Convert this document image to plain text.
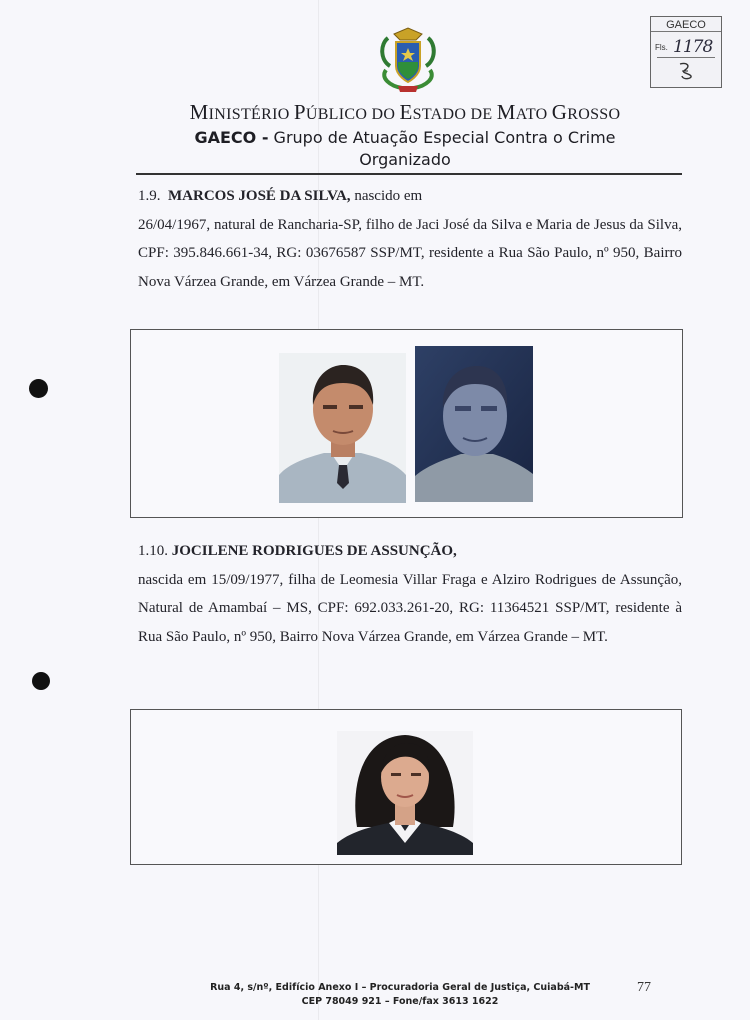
GAECO
Fls. 1178
MINISTÉRIO PÚBLICO DO ESTADO DE MATO GROSSO
GAECO - Grupo de Atuação Especial Contra o Crime
Organizado
1.9. MARCOS JOSÉ DA SILVA, nascido em
26/04/1967, natural de Rancharia-SP, filho de Jaci José da Silva e Maria de Jesus da Silva, CPF: 395.846.661-34, RG: 03676587 SSP/MT, residente a Rua São Paulo, nº 950, Bairro Nova Várzea Grande, em Várzea Grande – MT.
1.10. JOCILENE RODRIGUES DE ASSUNÇÃO,
nascida em 15/09/1977, filha de Leomesia Villar Fraga e Alziro Rodrigues de Assunção, Natural de Amambaí – MS, CPF: 692.033.261-20, RG: 11364521 SSP/MT, residente à Rua São Paulo, nº 950, Bairro Nova Várzea Grande, em Várzea Grande – MT.
Rua 4, s/nº, Edifício Anexo I – Procuradoria Geral de Justiça, Cuiabá-MT
CEP 78049 921 – Fone/fax 3613 1622
77
